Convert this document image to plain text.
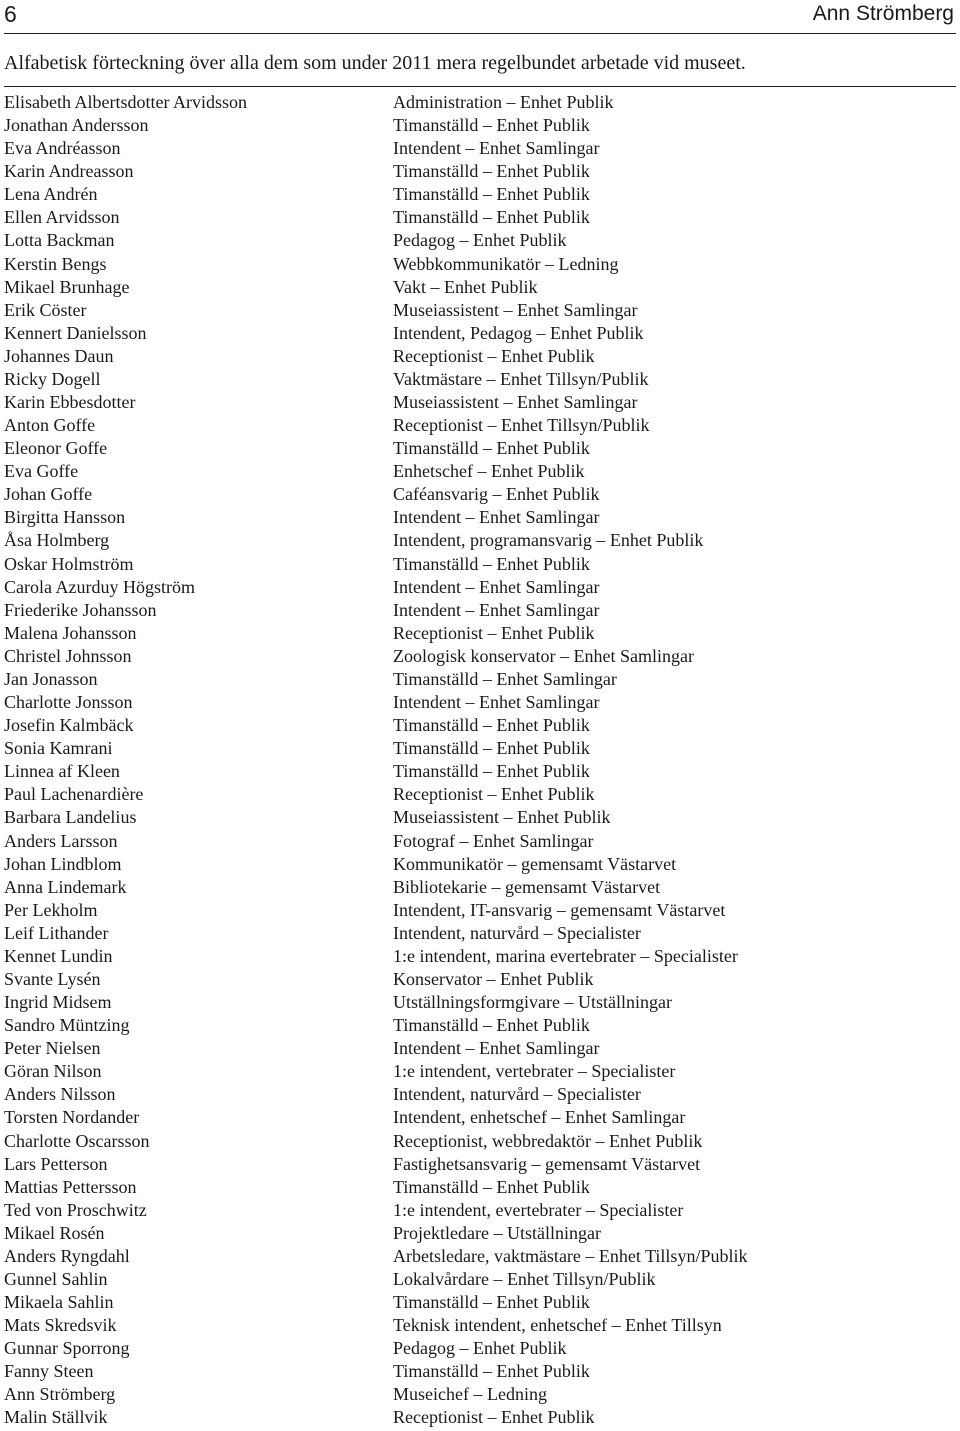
6	Ann Strömberg
Alfabetisk förteckning över alla dem som under 2011 mera regelbundet arbetade vid museet.
Elisabeth Albertsdotter Arvidsson	Administration – Enhet Publik
Jonathan Andersson	Timanställd – Enhet Publik
Eva Andréasson	Intendent – Enhet Samlingar
Karin Andreasson	Timanställd – Enhet Publik
Lena Andrén	Timanställd – Enhet Publik
Ellen Arvidsson	Timanställd – Enhet Publik
Lotta Backman	Pedagog – Enhet Publik
Kerstin Bengs	Webbkommunikatör – Ledning
Mikael Brunhage	Vakt – Enhet Publik
Erik Cöster	Museiassistent – Enhet Samlingar
Kennert Danielsson	Intendent, Pedagog – Enhet Publik
Johannes Daun	Receptionist – Enhet Publik
Ricky Dogell	Vaktmästare – Enhet Tillsyn/Publik
Karin Ebbesdotter	Museiassistent – Enhet Samlingar
Anton Goffe	Receptionist – Enhet Tillsyn/Publik
Eleonor Goffe	Timanställd – Enhet Publik
Eva Goffe	Enhetschef – Enhet Publik
Johan Goffe	Caféansvarig – Enhet Publik
Birgitta Hansson	Intendent – Enhet Samlingar
Åsa Holmberg	Intendent, programansvarig – Enhet Publik
Oskar Holmström	Timanställd – Enhet Publik
Carola Azurduy Högström	Intendent – Enhet Samlingar
Friederike Johansson	Intendent – Enhet Samlingar
Malena Johansson	Receptionist – Enhet Publik
Christel Johnsson	Zoologisk konservator – Enhet Samlingar
Jan Jonasson	Timanställd – Enhet Samlingar
Charlotte Jonsson	Intendent – Enhet Samlingar
Josefin Kalmbäck	Timanställd – Enhet Publik
Sonia Kamrani	Timanställd – Enhet Publik
Linnea af Kleen	Timanställd – Enhet Publik
Paul Lachenardière	Receptionist – Enhet Publik
Barbara Landelius	Museiassistent – Enhet Publik
Anders Larsson	Fotograf – Enhet Samlingar
Johan Lindblom	Kommunikatör – gemensamt Västarvet
Anna Lindemark	Bibliotekarie – gemensamt Västarvet
Per Lekholm	Intendent, IT-ansvarig – gemensamt Västarvet
Leif Lithander	Intendent, naturvård – Specialister
Kennet Lundin	1:e intendent, marina evertebrater – Specialister
Svante Lysén	Konservator – Enhet Publik
Ingrid Midsem	Utställningsformgivare – Utställningar
Sandro Müntzing	Timanställd – Enhet Publik
Peter Nielsen	Intendent – Enhet Samlingar
Göran Nilson	1:e intendent, vertebrater – Specialister
Anders Nilsson	Intendent, naturvård – Specialister
Torsten Nordander	Intendent, enhetschef – Enhet Samlingar
Charlotte Oscarsson	Receptionist, webbredaktör – Enhet Publik
Lars Petterson	Fastighetsansvarig – gemensamt Västarvet
Mattias Pettersson	Timanställd – Enhet Publik
Ted von Proschwitz	1:e intendent, evertebrater – Specialister
Mikael Rosén	Projektledare – Utställningar
Anders Ryngdahl	Arbetsledare, vaktmästare – Enhet Tillsyn/Publik
Gunnel Sahlin	Lokalvårdare – Enhet Tillsyn/Publik
Mikaela Sahlin	Timanställd – Enhet Publik
Mats Skredsvik	Teknisk intendent, enhetschef – Enhet Tillsyn
Gunnar Sporrong	Pedagog – Enhet Publik
Fanny Steen	Timanställd – Enhet Publik
Ann Strömberg	Museichef – Ledning
Malin Ställvik	Receptionist – Enhet Publik
